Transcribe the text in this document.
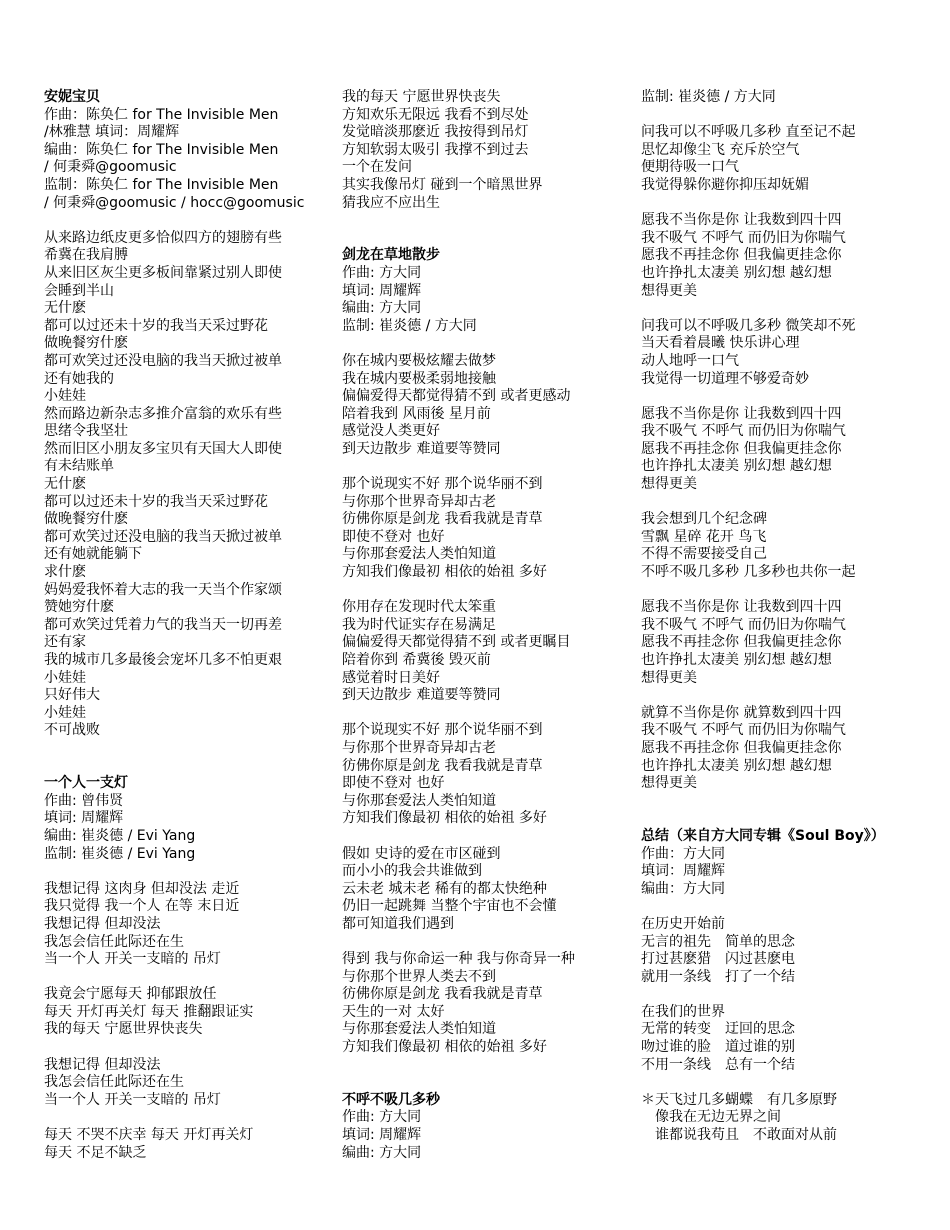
安妮宝贝
作曲：陈奂仁 for The Invisible Men
/林雅慧 填词：周耀辉
编曲：陈奂仁 for The Invisible Men
/ 何秉舜@goomusic
监制：陈奂仁 for The Invisible Men
/ 何秉舜@goomusic / hocc@goomusic
从来路边纸皮更多恰似四方的翅膀有些
希冀在我肩膊
从来旧区灰尘更多板间靠紧过别人即使
会睡到半山
无什麽
都可以过还未十岁的我当天采过野花
做晚餐穷什麽
都可欢笑过还没电脑的我当天掀过被单
还有她我的
小娃娃
然而路边新杂志多推介富翁的欢乐有些
思绪令我坚壮
然而旧区小朋友多宝贝有天国大人即使
有未结账单
无什麽
都可以过还未十岁的我当天采过野花
做晚餐穷什麽
都可欢笑过还没电脑的我当天掀过被单
还有她就能躺下
求什麽
妈妈爱我怀着大志的我一天当个作家颂
赞她穷什麽
都可欢笑过凭着力气的我当天一切再差
还有家
我的城市几多最後会宠坏几多不怕更艰
小娃娃
只好伟大
小娃娃
不可战败
一个人一支灯
作曲: 曾伟贤
填词: 周耀辉
编曲: 崔炎德 / Evi Yang
监制: 崔炎德 / Evi Yang
我想记得 这肉身 但却没法 走近
我只觉得 我一个人 在等 末日近
我想记得 但却没法
我怎会信任此际还在生
当一个人 开关一支暗的 吊灯
我竟会宁愿每天 抑郁跟放任
每天 开灯再关灯 每天 推翻跟证实
我的每天 宁愿世界快丧失
我想记得 但却没法
我怎会信任此际还在生
当一个人 开关一支暗的 吊灯
每天 不哭不庆幸 每天 开灯再关灯
每天 不足不缺乏
我的每天 宁愿世界快丧失
方知欢乐无限远 我看不到尽处
发觉暗淡那麽近 我按得到吊灯
方知软弱太吸引 我撑不到过去
一个在发问
其实我像吊灯 碰到一个暗黑世界
猜我应不应出生
剑龙在草地散步
作曲: 方大同
填词: 周耀辉
编曲: 方大同
监制: 崔炎德 / 方大同
你在城内要极炫耀去做梦
我在城内要极柔弱地接触
偏偏爱得天都觉得猜不到 或者更感动
陪着我到 风雨後 星月前
感觉没人类更好
到天边散步 难道要等赞同
那个说现实不好 那个说华丽不到
与你那个世界奇异却古老
彷佛你原是剑龙 我看我就是青草
即使不登对 也好
与你那套爱法人类怕知道
方知我们像最初 相依的始祖 多好
你用存在发现时代太笨重
我为时代证实存在易满足
偏偏爱得天都觉得猜不到 或者更瞩目
陪着你到 希冀後 毁灭前
感觉着时日美好
到天边散步 难道要等赞同
那个说现实不好 那个说华丽不到
与你那个世界奇异却古老
彷佛你原是剑龙 我看我就是青草
即使不登对 也好
与你那套爱法人类怕知道
方知我们像最初 相依的始祖 多好
假如 史诗的爱在市区碰到
而小小的我会共谁做到
云未老 城未老 稀有的都太快绝种
仍旧一起跳舞 当整个宇宙也不会懂
都可知道我们遇到
得到 我与你命运一种 我与你奇异一种
与你那个世界人类去不到
彷佛你原是剑龙 我看我就是青草
天生的一对 太好
与你那套爱法人类怕知道
方知我们像最初 相依的始祖 多好
不呼不吸几多秒
作曲: 方大同
填词: 周耀辉
编曲: 方大同
监制: 崔炎德 / 方大同
问我可以不呼吸几多秒 直至记不起
思忆却像尘飞 充斥於空气
便期待吸一口气
我觉得躲你避你抑压却妩媚
愿我不当你是你 让我数到四十四
我不吸气 不呼气 而仍旧为你喘气
愿我不再挂念你 但我偏更挂念你
也许挣扎太凄美 别幻想 越幻想
想得更美
问我可以不呼吸几多秒 微笑却不死
当天看着晨曦 快乐讲心理
动人地呼一口气
我觉得一切道理不够爱奇妙
愿我不当你是你 让我数到四十四
我不吸气 不呼气 而仍旧为你喘气
愿我不再挂念你 但我偏更挂念你
也许挣扎太凄美 别幻想 越幻想
想得更美
我会想到几个纪念碑
雪飘 星碎 花开 鸟飞
不得不需要接受自己
不呼不吸几多秒 几多秒也共你一起
愿我不当你是你 让我数到四十四
我不吸气 不呼气 而仍旧为你喘气
愿我不再挂念你 但我偏更挂念你
也许挣扎太凄美 别幻想 越幻想
想得更美
就算不当你是你 就算数到四十四
我不吸气 不呼气 而仍旧为你喘气
愿我不再挂念你 但我偏更挂念你
也许挣扎太凄美 别幻想 越幻想
想得更美
总结（来自方大同专辑《Soul Boy》）
作曲：方大同
填词：周耀辉
编曲：方大同
在历史开始前
无言的祖先　简单的思念
打过甚麽猎　闪过甚麽电
就用一条线　打了一个结
在我们的世界
无常的转变　迂回的思念
吻过谁的脸　道过谁的别
不用一条线　总有一个结
＊天飞过几多蝴蝶　有几多原野
　像我在无边无界之间
　谁都说我苟且　不敢面对从前
